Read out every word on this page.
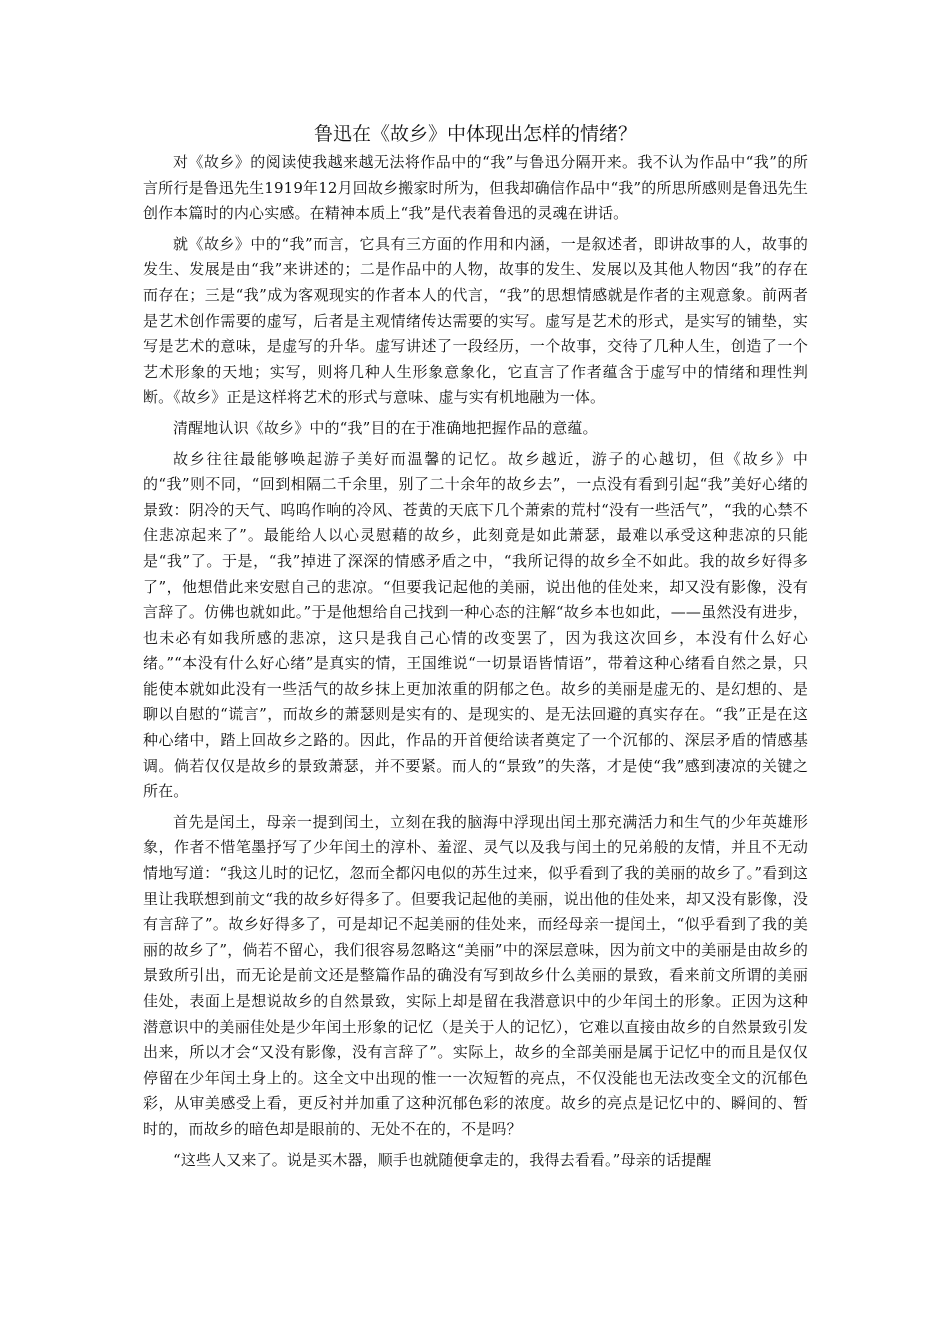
鲁迅在《故乡》中体现出怎样的情绪？

对《故乡》的阅读使我越来越无法将作品中的“我”与鲁迅分隔开来。我不认为作品中“我”的所言所行是鲁迅先生1919年12月回故乡搬家时所为，但我却确信作品中“我”的所思所感则是鲁迅先生创作本篇时的内心实感。在精神本质上“我”是代表着鲁迅的灵魂在讲话。

就《故乡》中的“我”而言，它具有三方面的作用和内涵，一是叙述者，即讲故事的人，故事的发生、发展是由“我”来讲述的；二是作品中的人物，故事的发生、发展以及其他人物因“我”的存在而存在；三是“我”成为客观现实的作者本人的代言，“我”的思想情感就是作者的主观意象。前两者是艺术创作需要的虚写，后者是主观情绪传达需要的实写。虚写是艺术的形式，是实写的铺垫，实写是艺术的意味，是虚写的升华。虚写讲述了一段经历，一个故事，交待了几种人生，创造了一个艺术形象的天地；实写，则将几种人生形象意象化，它直言了作者蕴含于虚写中的情绪和理性判断。《故乡》正是这样将艺术的形式与意味、虚与实有机地融为一体。

清醒地认识《故乡》中的“我”目的在于准确地把握作品的意蕴。

故乡往往最能够唤起游子美好而温馨的记忆。故乡越近，游子的心越切，但《故乡》中的“我”则不同，“回到相隔二千余里，别了二十余年的故乡去”，一点没有看到引起“我”美好心绪的景致：阴冷的天气、呜呜作响的冷风、苍黄的天底下几个萧索的荒村“没有一些活气”，“我的心禁不住悲凉起来了”。最能给人以心灵慰藉的故乡，此刻竟是如此萧瑟，最难以承受这种悲凉的只能是“我”了。于是，“我”掉进了深深的情感矛盾之中，“我所记得的故乡全不如此。我的故乡好得多了”，他想借此来安慰自己的悲凉。“但要我记起他的美丽，说出他的佳处来，却又没有影像，没有言辞了。仿佛也就如此。”于是他想给自己找到一种心态的注解“故乡本也如此，——虽然没有进步，也未必有如我所感的悲凉，这只是我自己心情的改变罢了，因为我这次回乡，本没有什么好心绪。”“本没有什么好心绪”是真实的情，王国维说“一切景语皆情语”，带着这种心绪看自然之景，只能使本就如此没有一些活气的故乡抹上更加浓重的阴郁之色。故乡的美丽是虚无的、是幻想的、是聊以自慰的“谎言”，而故乡的萧瑟则是实有的、是现实的、是无法回避的真实存在。“我”正是在这种心绪中，踏上回故乡之路的。因此，作品的开首便给读者奠定了一个沉郁的、深层矛盾的情感基调。倘若仅仅是故乡的景致萧瑟，并不要紧。而人的“景致”的失落，才是使“我”感到凄凉的关键之所在。

首先是闰土，母亲一提到闰土，立刻在我的脑海中浮现出闰土那充满活力和生气的少年英雄形象，作者不惜笔墨抒写了少年闰土的淳朴、羞涩、灵气以及我与闰土的兄弟般的友情，并且不无动情地写道：“我这儿时的记忆，忽而全都闪电似的苏生过来，似乎看到了我的美丽的故乡了。”看到这里让我联想到前文“我的故乡好得多了。但要我记起他的美丽，说出他的佳处来，却又没有影像，没有言辞了”。故乡好得多了，可是却记不起美丽的佳处来，而经母亲一提闰土，“似乎看到了我的美丽的故乡了”，倘若不留心，我们很容易忽略这“美丽”中的深层意味，因为前文中的美丽是由故乡的景致所引出，而无论是前文还是整篇作品的确没有写到故乡什么美丽的景致，看来前文所谓的美丽佳处，表面上是想说故乡的自然景致，实际上却是留在我潜意识中的少年闰土的形象。正因为这种潜意识中的美丽佳处是少年闰土形象的记忆（是关于人的记忆），它难以直接由故乡的自然景致引发出来，所以才会“又没有影像，没有言辞了”。实际上，故乡的全部美丽是属于记忆中的而且是仅仅停留在少年闰土身上的。这全文中出现的惟一一次短暂的亮点，不仅没能也无法改变全文的沉郁色彩，从审美感受上看，更反衬并加重了这种沉郁色彩的浓度。故乡的亮点是记忆中的、瞬间的、暂时的，而故乡的暗色却是眼前的、无处不在的，不是吗？

“这些人又来了。说是买木器，顺手也就随便拿走的，我得去看看。”母亲的话提醒
